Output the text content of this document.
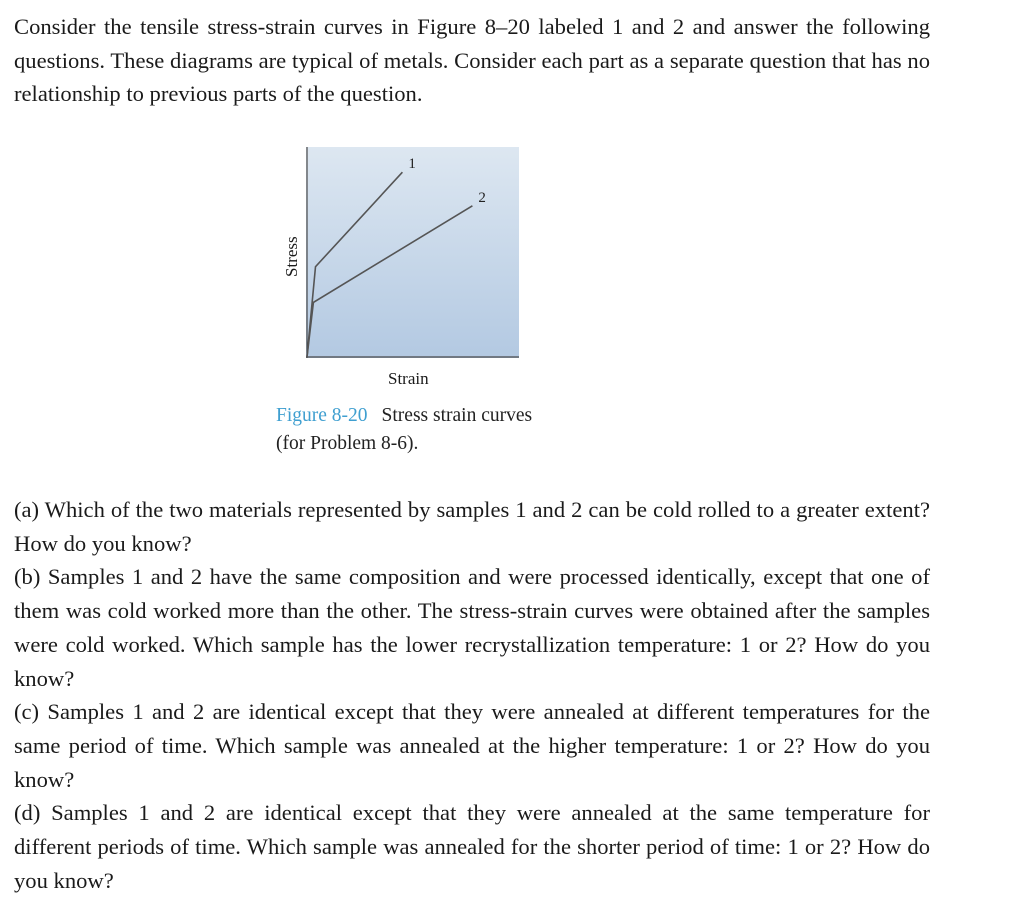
Consider the tensile stress-strain curves in Figure 8–20 labeled 1 and 2 and answer the following questions. These diagrams are typical of metals. Consider each part as a separate question that has no relationship to previous parts of the question.

1
2
Stress
Strain
Figure 8-20 Stress strain curves
(for Problem 8-6).
(a) Which of the two materials represented by samples 1 and 2 can be cold rolled to a greater extent? How do you know?
(b) Samples 1 and 2 have the same composition and were processed identically, except that one of them was cold worked more than the other. The stress-strain curves were obtained after the samples were cold worked. Which sample has the lower recrystallization temperature: 1 or 2? How do you know?
(c) Samples 1 and 2 are identical except that they were annealed at different temperatures for the same period of time. Which sample was annealed at the higher temperature: 1 or 2? How do you know?
(d) Samples 1 and 2 are identical except that they were annealed at the same temperature for different periods of time. Which sample was annealed for the shorter period of time: 1 or 2? How do you know?
